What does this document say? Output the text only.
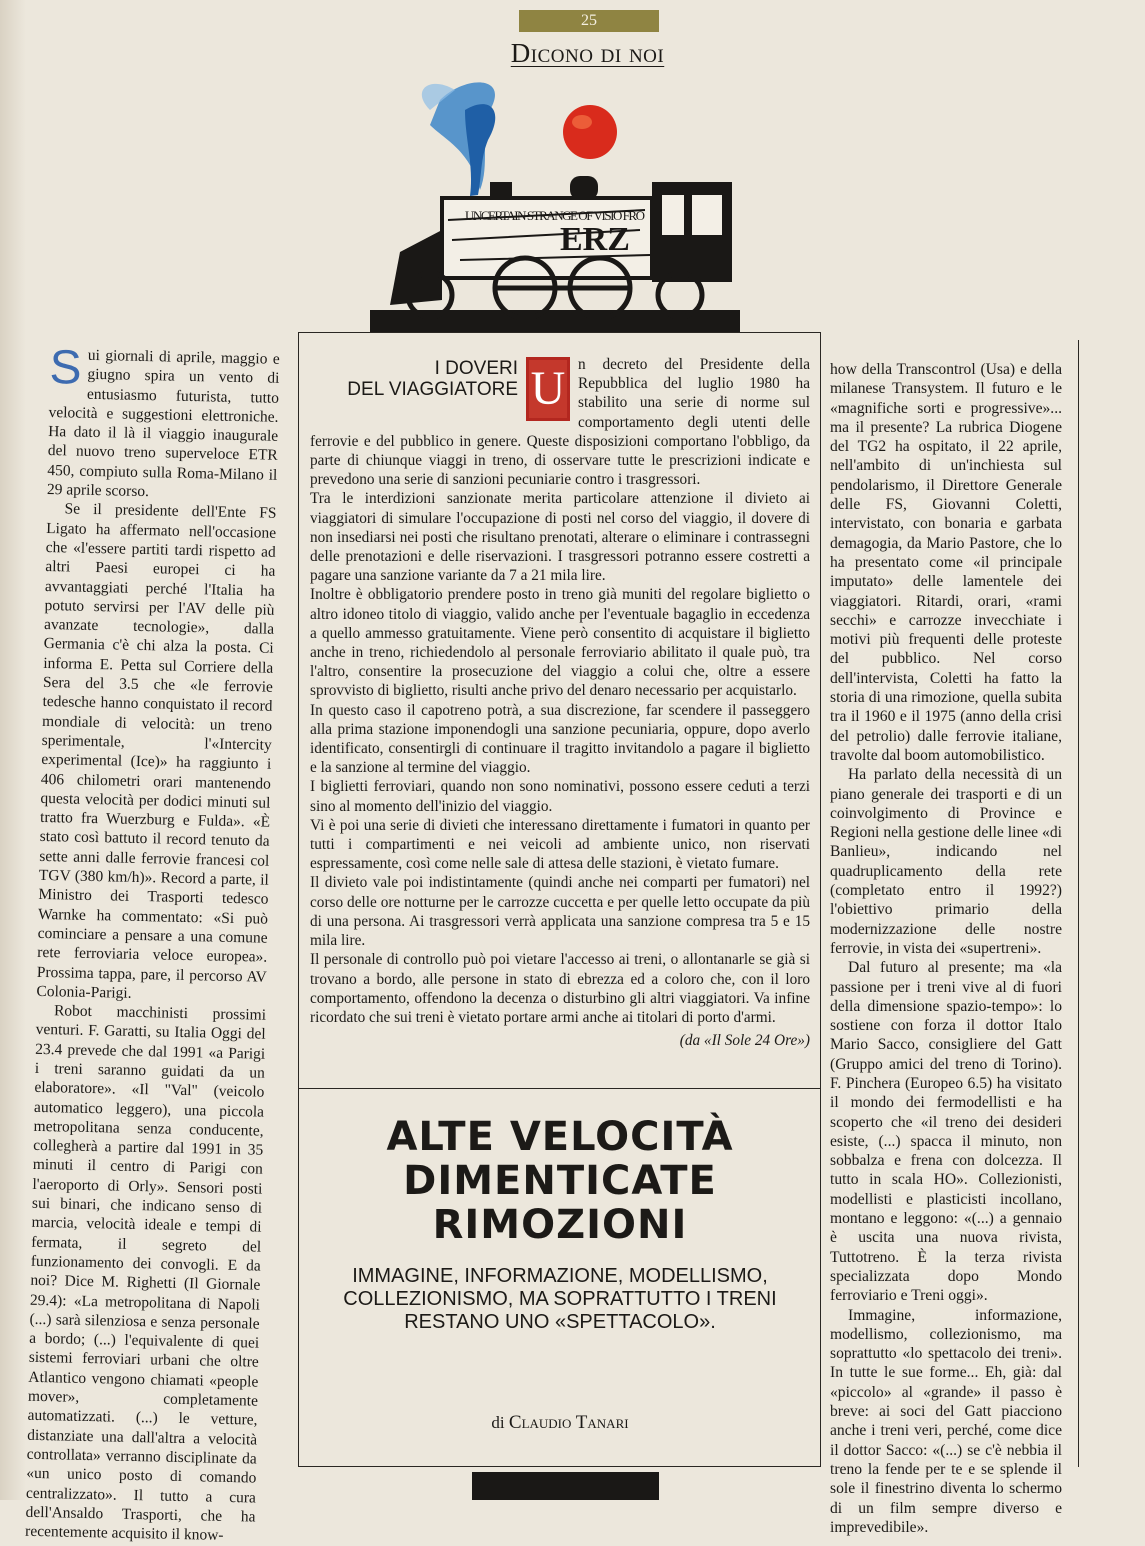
25
Dicono di noi
UNCERTAIN STRANGE OF VISIO FRO
ERZ

Sui giornali di aprile, maggio e giugno spira un vento di entusiasmo futurista, tutto velocità e suggestioni elettroniche. Ha dato il là il viaggio inaugurale del nuovo treno superveloce ETR 450, compiuto sulla Roma-Milano il 29 aprile scorso.

Se il presidente dell'Ente FS Ligato ha affermato nell'occasione che «l'essere partiti tardi rispetto ad altri Paesi europei ci ha avvantaggiati perché l'Italia ha potuto servirsi per l'AV delle più avanzate tecnologie», dalla Germania c'è chi alza la posta. Ci informa E. Petta sul Corriere della Sera del 3.5 che «le ferrovie tedesche hanno conquistato il record mondiale di velocità: un treno sperimentale, l'«Intercity experimental (Ice)» ha raggiunto i 406 chilometri orari mantenendo questa velocità per dodici minuti sul tratto fra Wuerzburg e Fulda». «È stato così battuto il record tenuto da sette anni dalle ferrovie francesi col TGV (380 km/h)». Record a parte, il Ministro dei Trasporti tedesco Warnke ha commentato: «Si può cominciare a pensare a una comune rete ferroviaria veloce europea». Prossima tappa, pare, il percorso AV Colonia-Parigi.

Robot macchinisti prossimi venturi. F. Garatti, su Italia Oggi del 23.4 prevede che dal 1991 «a Parigi i treni saranno guidati da un elaboratore». «Il "Val" (veicolo automatico leggero), una piccola metropolitana senza conducente, collegherà a partire dal 1991 in 35 minuti il centro di Parigi con l'aeroporto di Orly». Sensori posti sui binari, che indicano senso di marcia, velocità ideale e tempi di fermata, il segreto del funzionamento dei convogli. E da noi? Dice M. Righetti (Il Giornale 29.4): «La metropolitana di Napoli (...) sarà silenziosa e senza personale a bordo; (...) l'equivalente di quei sistemi ferroviari urbani che oltre Atlantico vengono chiamati «people mover», completamente automatizzati. (...) le vetture, distanziate una dall'altra a velocità controllata» verranno disciplinate da «un unico posto di comando centralizzato». Il tutto a cura dell'Ansaldo Trasporti, che ha recentemente acquisito il know-

I DOVERI
DEL VIAGGIATORE U n decreto del Presidente della Repubblica del luglio 1980 ha stabilito una serie di norme sul comportamento degli utenti delle ferrovie e del pubblico in genere. Queste disposizioni comportano l'obbligo, da parte di chiunque viaggi in treno, di osservare tutte le prescrizioni indicate e prevedono una serie di sanzioni pecuniarie contro i trasgressori.

Tra le interdizioni sanzionate merita particolare attenzione il divieto ai viaggiatori di simulare l'occupazione di posti nel corso del viaggio, il dovere di non insediarsi nei posti che risultano prenotati, alterare o eliminare i contrassegni delle prenotazioni e delle riservazioni. I trasgressori potranno essere costretti a pagare una sanzione variante da 7 a 21 mila lire.

Inoltre è obbligatorio prendere posto in treno già muniti del regolare biglietto o altro idoneo titolo di viaggio, valido anche per l'eventuale bagaglio in eccedenza a quello ammesso gratuitamente. Viene però consentito di acquistare il biglietto anche in treno, richiedendolo al personale ferroviario abilitato il quale può, tra l'altro, consentire la prosecuzione del viaggio a colui che, oltre a essere sprovvisto di biglietto, risulti anche privo del denaro necessario per acquistarlo.

In questo caso il capotreno potrà, a sua discrezione, far scendere il passeggero alla prima stazione imponendogli una sanzione pecuniaria, oppure, dopo averlo identificato, consentirgli di continuare il tragitto invitandolo a pagare il biglietto e la sanzione al termine del viaggio.

I biglietti ferroviari, quando non sono nominativi, possono essere ceduti a terzi sino al momento dell'inizio del viaggio.

Vi è poi una serie di divieti che interessano direttamente i fumatori in quanto per tutti i compartimenti e nei veicoli ad ambiente unico, non riservati espressamente, così come nelle sale di attesa delle stazioni, è vietato fumare.

Il divieto vale poi indistintamente (quindi anche nei comparti per fumatori) nel corso delle ore notturne per le carrozze cuccetta e per quelle letto occupate da più di una persona. Ai trasgressori verrà applicata una sanzione compresa tra 5 e 15 mila lire.

Il personale di controllo può poi vietare l'accesso ai treni, o allontanarle se già si trovano a bordo, alle persone in stato di ebrezza ed a coloro che, con il loro comportamento, offendono la decenza o disturbino gli altri viaggiatori. Va infine ricordato che sui treni è vietato portare armi anche ai titolari di porto d'armi.

(da «Il Sole 24 Ore»)
ALTE VELOCITÀ
DIMENTICATE
RIMOZIONI
IMMAGINE, INFORMAZIONE, MODELLISMO,
COLLEZIONISMO, MA SOPRATTUTTO I TRENI
RESTANO UNO «SPETTACOLO».
di Claudio Tanari

how della Transcontrol (Usa) e della milanese Transystem. Il futuro e le «magnifiche sorti e progressive»... ma il presente? La rubrica Diogene del TG2 ha ospitato, il 22 aprile, nell'ambito di un'inchiesta sul pendolarismo, il Direttore Generale delle FS, Giovanni Coletti, intervistato, con bonaria e garbata demagogia, da Mario Pastore, che lo ha presentato come «il principale imputato» delle lamentele dei viaggiatori. Ritardi, orari, «rami secchi» e carrozze invecchiate i motivi più frequenti delle proteste del pubblico. Nel corso dell'intervista, Coletti ha fatto la storia di una rimozione, quella subita tra il 1960 e il 1975 (anno della crisi del petrolio) dalle ferrovie italiane, travolte dal boom automobilistico.

Ha parlato della necessità di un piano generale dei trasporti e di un coinvolgimento di Province e Regioni nella gestione delle linee «di Banlieu», indicando nel quadruplicamento della rete (completato entro il 1992?) l'obiettivo primario della modernizzazione delle nostre ferrovie, in vista dei «supertreni».

Dal futuro al presente; ma «la passione per i treni vive al di fuori della dimensione spazio-tempo»: lo sostiene con forza il dottor Italo Mario Sacco, consigliere del Gatt (Gruppo amici del treno di Torino). F. Pinchera (Europeo 6.5) ha visitato il mondo dei fermodellisti e ha scoperto che «il treno dei desideri esiste, (...) spacca il minuto, non sobbalza e frena con dolcezza. Il tutto in scala HO». Collezionisti, modellisti e plasticisti incollano, montano e leggono: «(...) a gennaio è uscita una nuova rivista, Tuttotreno. È la terza rivista specializzata dopo Mondo ferroviario e Treni oggi».

Immagine, informazione, modellismo, collezionismo, ma soprattutto «lo spettacolo dei treni». In tutte le sue forme... Eh, già: dal «piccolo» al «grande» il passo è breve: ai soci del Gatt piacciono anche i treni veri, perché, come dice il dottor Sacco: «(...) se c'è nebbia il treno la fende per te e se splende il sole il finestrino diventa lo schermo di un film sempre diverso e imprevedibile».
